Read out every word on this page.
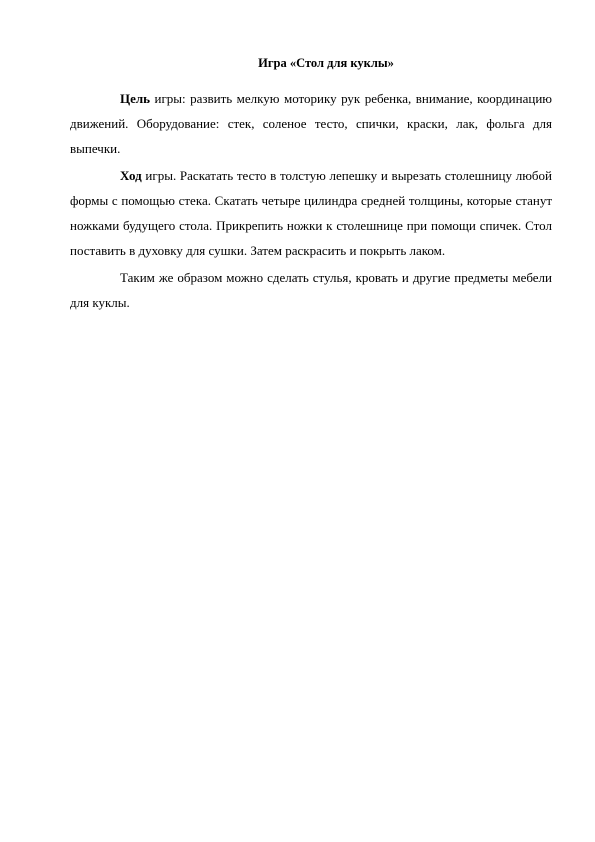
Игра «Стол для куклы»

Цель игры: развить мелкую моторику рук ребенка, внимание, координацию движений. Оборудование: стек, соленое тесто, спички, краски, лак, фольга для выпечки.

Ход игры. Раскатать тесто в толстую лепешку и вырезать столешницу любой формы с помощью стека. Скатать четыре цилиндра средней толщины, которые станут ножками будущего стола. Прикрепить ножки к столешнице при помощи спичек. Стол поставить в духовку для сушки. Затем раскрасить и покрыть лаком.

Таким же образом можно сделать стулья, кровать и другие предметы мебели для куклы.
